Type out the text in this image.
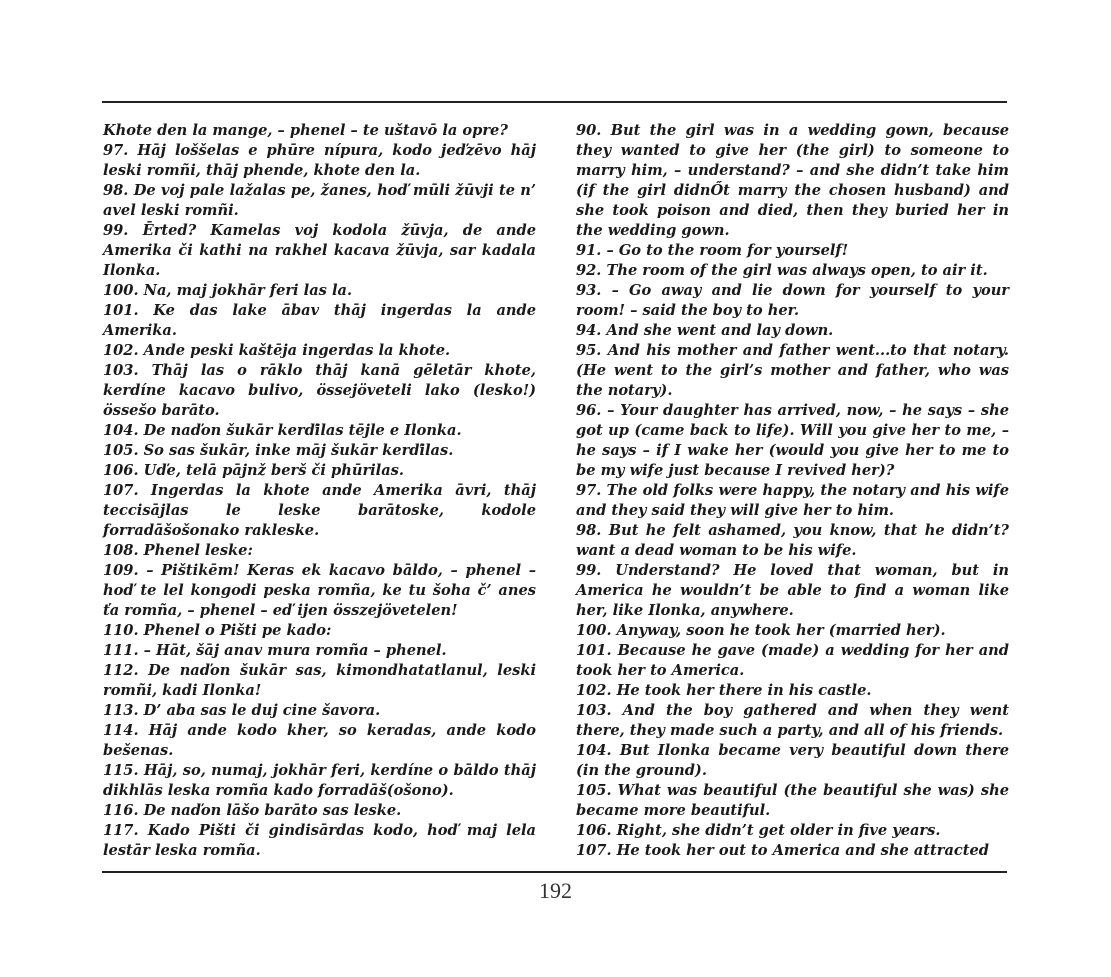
Khote den la mange, – phenel – te uštavō la opre?

97. Hāj loššelas e phūre nípura, kodo jeďzēvo hāj leski romñi, thāj phende, khote den la.

98. De voj pale lažalas pe, žanes, hoď mūli žūvji te n’ avel leski romñi.

99. Ērted? Kamelas voj kodola žūvja, de ande Amerika či kathi na rakhel kacava žūvja, sar kadala Ilonka.

100. Na, maj jokhār feri las la.

101. Ke das lake ābav thāj ingerdas la ande Amerika.

102. Ande peski kaštēja ingerdas la khote.

103. Thāj las o rāklo thāj kanā gēletār khote, kerdíne kacavo bulivo, össejöveteli lako (lesko!) össešo barāto.

104. De naďon šukār kerďilas tējle e Ilonka.

105. So sas šukār, inke māj šukār kerďilas.

106. Uďe, telā pājnž berš či phūrilas.

107. Ingerdas la khote ande Amerika āvri, thāj teccisājlas le leske barātoske, kodole forradāšošonako rakleske.

108. Phenel leske:

109. – Pištikēm! Keras ek kacavo bāldo, – phenel – hoď te lel kongodi peska romña, ke tu šoha č’ anes ťa romña, – phenel – eď ijen összejövetelen!

110. Phenel o Pišti pe kado:

111. – Hāt, šāj anav mura romña – phenel.

112. De naďon šukār sas, kimondhatatlanul, leski romñi, kadi Ilonka!

113. D’ aba sas le duj cine šavora.

114. Hāj ande kodo kher, so keradas, ande kodo bešenas.

115. Hāj, so, numaj, jokhār feri, kerdíne o bāldo thāj dikhlās leska romña kado forradāš(ošono).

116. De naďon lāšo barāto sas leske.

117. Kado Pišti či gindisārdas kodo, hoď maj lela lestār leska romña.

90. But the girl was in a wedding gown, because they wanted to give her (the girl) to someone to marry him, – understand? – and she didn’t take him (if the girl didnŐt marry the chosen husband) and she took poison and died, then they buried her in the wedding gown.

91. – Go to the room for yourself!

92. The room of the girl was always open, to air it.

93. – Go away and lie down for yourself to your room! – said the boy to her.

94. And she went and lay down.

95. And his mother and father went...to that notary. (He went to the girl’s mother and father, who was the notary).

96. – Your daughter has arrived, now, – he says – she got up (came back to life). Will you give her to me, – he says – if I wake her (would you give her to me to be my wife just because I revived her)?

97. The old folks were happy, the notary and his wife and they said they will give her to him.

98. But he felt ashamed, you know, that he didn’t? want a dead woman to be his wife.

99. Understand? He loved that woman, but in America he wouldn’t be able to find a woman like her, like Ilonka, anywhere.

100. Anyway, soon he took her (married her).

101. Because he gave (made) a wedding for her and took her to America.

102. He took her there in his castle.

103. And the boy gathered and when they went there, they made such a party, and all of his friends.

104. But Ilonka became very beautiful down there (in the ground).

105. What was beautiful (the beautiful she was) she became more beautiful.

106. Right, she didn’t get older in five years.

107. He took her out to America and she attracted

192
